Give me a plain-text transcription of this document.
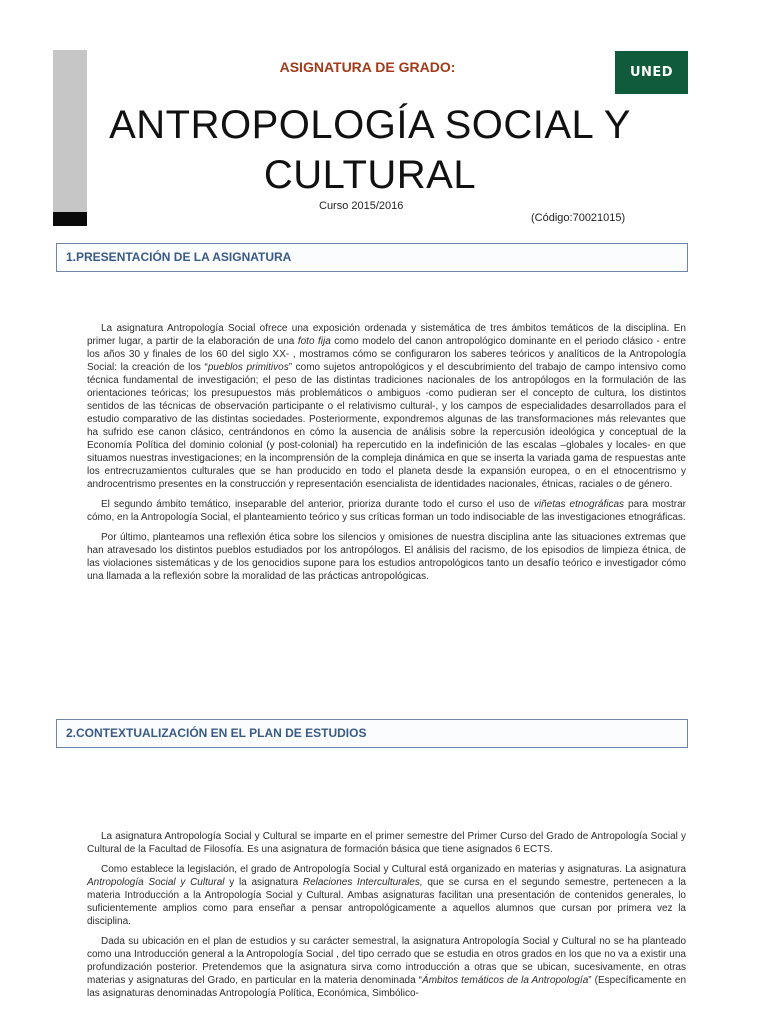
UNED
ASIGNATURA DE GRADO:
ANTROPOLOGÍA SOCIAL Y
CULTURAL
Curso 2015/2016
(Código:70021015)
1.PRESENTACIÓN DE LA ASIGNATURA

La asignatura Antropología Social ofrece una exposición ordenada y sistemática de tres ámbitos temáticos de la disciplina. En primer lugar, a partir de la elaboración de una foto fija como modelo del canon antropológico dominante en el periodo clásico - entre los años 30 y finales de los 60 del siglo XX- , mostramos cómo se configuraron los saberes teóricos y analíticos de la Antropología Social: la creación de los “pueblos primitivos” como sujetos antropológicos y el descubrimiento del trabajo de campo intensivo como técnica fundamental de investigación; el peso de las distintas tradiciones nacionales de los antropólogos en la formulación de las orientaciones teóricas; los presupuestos más problemáticos o ambiguos -como pudieran ser el concepto de cultura, los distintos sentidos de las técnicas de observación participante o el relativismo cultural-, y los campos de especialidades desarrollados para el estudio comparativo de las distintas sociedades. Posteriormente, expondremos algunas de las transformaciones más relevantes que ha sufrido ese canon clásico, centrándonos en cómo la ausencia de análisis sobre la repercusión ideológica y conceptual de la Economía Política del dominio colonial (y post-colonial) ha repercutido en la indefinición de las escalas –globales y locales- en que situamos nuestras investigaciones; en la incomprensión de la compleja dinámica en que se inserta la variada gama de respuestas ante los entrecruzamientos culturales que se han producido en todo el planeta desde la expansión europea, o en el etnocentrismo y androcentrismo presentes en la construcción y representación esencialista de identidades nacionales, étnicas, raciales o de género.

El segundo ámbito temático, inseparable del anterior, prioriza durante todo el curso el uso de viñetas etnográficas para mostrar cómo, en la Antropología Social, el planteamiento teórico y sus críticas forman un todo indisociable de las investigaciones etnográficas.

Por último, planteamos una reflexión ética sobre los silencios y omisiones de nuestra disciplina ante las situaciones extremas que han atravesado los distintos pueblos estudiados por los antropólogos. El análisis del racismo, de los episodios de limpieza étnica, de las violaciones sistemáticas y de los genocidios supone para los estudios antropológicos tanto un desafío teórico e investigador cómo una llamada a la reflexión sobre la moralidad de las prácticas antropológicas.

2.CONTEXTUALIZACIÓN EN EL PLAN DE ESTUDIOS

La asignatura Antropología Social y Cultural se imparte en el primer semestre del Primer Curso del Grado de Antropología Social y Cultural de la Facultad de Filosofía. Es una asignatura de formación básica que tiene asignados 6 ECTS.

Como establece la legislación, el grado de Antropología Social y Cultural está organizado en materias y asignaturas. La asignatura Antropología Social y Cultural y la asignatura Relaciones Interculturales, que se cursa en el segundo semestre, pertenecen a la materia Introducción a la Antropología Social y Cultural. Ambas asignaturas facilitan una presentación de contenidos generales, lo suficientemente amplios como para enseñar a pensar antropológicamente a aquellos alumnos que cursan por primera vez la disciplina.

Dada su ubicación en el plan de estudios y su carácter semestral, la asignatura Antropología Social y Cultural no se ha planteado como una Introducción general a la Antropología Social , del tipo cerrado que se estudia en otros grados en los que no va a existir una profundización posterior. Pretendemos que la asignatura sirva como introducción a otras que se ubican, sucesivamente, en otras materias y asignaturas del Grado, en particular en la materia denominada “Ámbitos temáticos de la Antropología” (Específicamente en las asignaturas denominadas Antropología Política, Económica, Simbólico-
